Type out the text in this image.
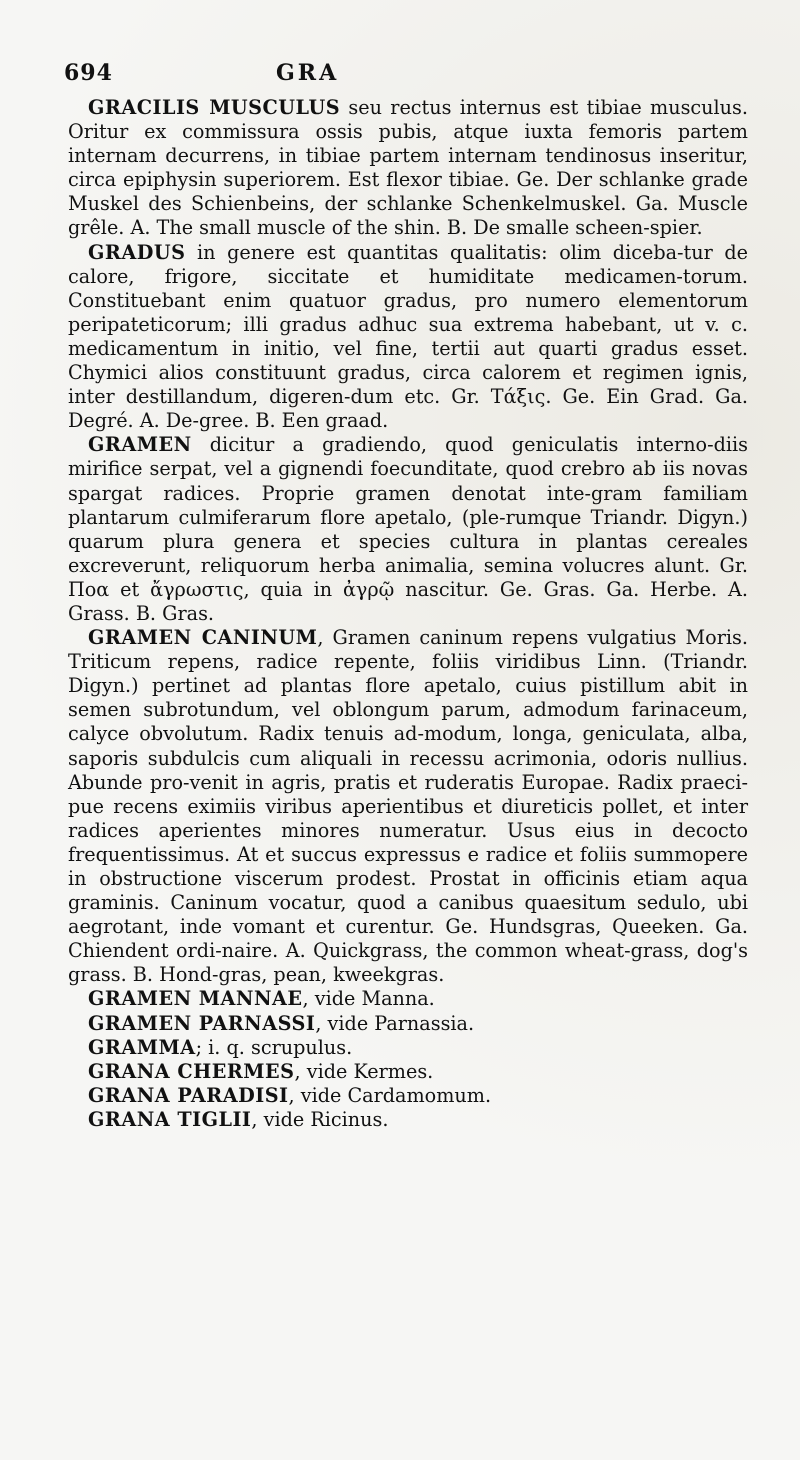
694	GRA

GRACILIS MUSCULUS seu rectus internus est tibiae musculus. Oritur ex commissura ossis pubis, atque iuxta femoris partem internam decurrens, in tibiae partem internam tendinosus inseritur, circa epiphysin superiorem. Est flexor tibiae. Ge. Der schlanke grade Muskel des Schienbeins, der schlanke Schenkelmuskel. Ga. Muscle grêle. A. The small muscle of the shin. B. De smalle scheen-spier.

GRADUS in genere est quantitas qualitatis: olim diceba-tur de calore, frigore, siccitate et humiditate medicamen-torum. Constituebant enim quatuor gradus, pro numero elementorum peripateticorum; illi gradus adhuc sua extrema habebant, ut v. c. medicamentum in initio, vel fine, tertii aut quarti gradus esset. Chymici alios constituunt gradus, circa calorem et regimen ignis, inter destillandum, digeren-dum etc. Gr. Τάξις. Ge. Ein Grad. Ga. Degré. A. De-gree. B. Een graad.

GRAMEN dicitur a gradiendo, quod geniculatis interno-diis mirifice serpat, vel a gignendi foecunditate, quod crebro ab iis novas spargat radices. Proprie gramen denotat inte-gram familiam plantarum culmiferarum flore apetalo, (ple-rumque Triandr. Digyn.) quarum plura genera et species cultura in plantas cereales excreverunt, reliquorum herba animalia, semina volucres alunt. Gr. Ποα et ἄγρωστις, quia in ἀγρῷ nascitur. Ge. Gras. Ga. Herbe. A. Grass. B. Gras.

GRAMEN CANINUM, Gramen caninum repens vulgatius Moris. Triticum repens, radice repente, foliis viridibus Linn. (Triandr. Digyn.) pertinet ad plantas flore apetalo, cuius pistillum abit in semen subrotundum, vel oblongum parum, admodum farinaceum, calyce obvolutum. Radix tenuis ad-modum, longa, geniculata, alba, saporis subdulcis cum aliquali in recessu acrimonia, odoris nullius. Abunde pro-venit in agris, pratis et ruderatis Europae. Radix praeci-pue recens eximiis viribus aperientibus et diureticis pollet, et inter radices aperientes minores numeratur. Usus eius in decocto frequentissimus. At et succus expressus e radice et foliis summopere in obstructione viscerum prodest. Prostat in officinis etiam aqua graminis. Caninum vocatur, quod a canibus quaesitum sedulo, ubi aegrotant, inde vomant et curentur. Ge. Hundsgras, Queeken. Ga. Chiendent ordi-naire. A. Quickgrass, the common wheat-grass, dog's grass. B. Hond-gras, pean, kweekgras.

GRAMEN MANNAE, vide Manna.

GRAMEN PARNASSI, vide Parnassia.

GRAMMA; i. q. scrupulus.

GRANA CHERMES, vide Kermes.

GRANA PARADISI, vide Cardamomum.

GRANA TIGLII, vide Ricinus.
